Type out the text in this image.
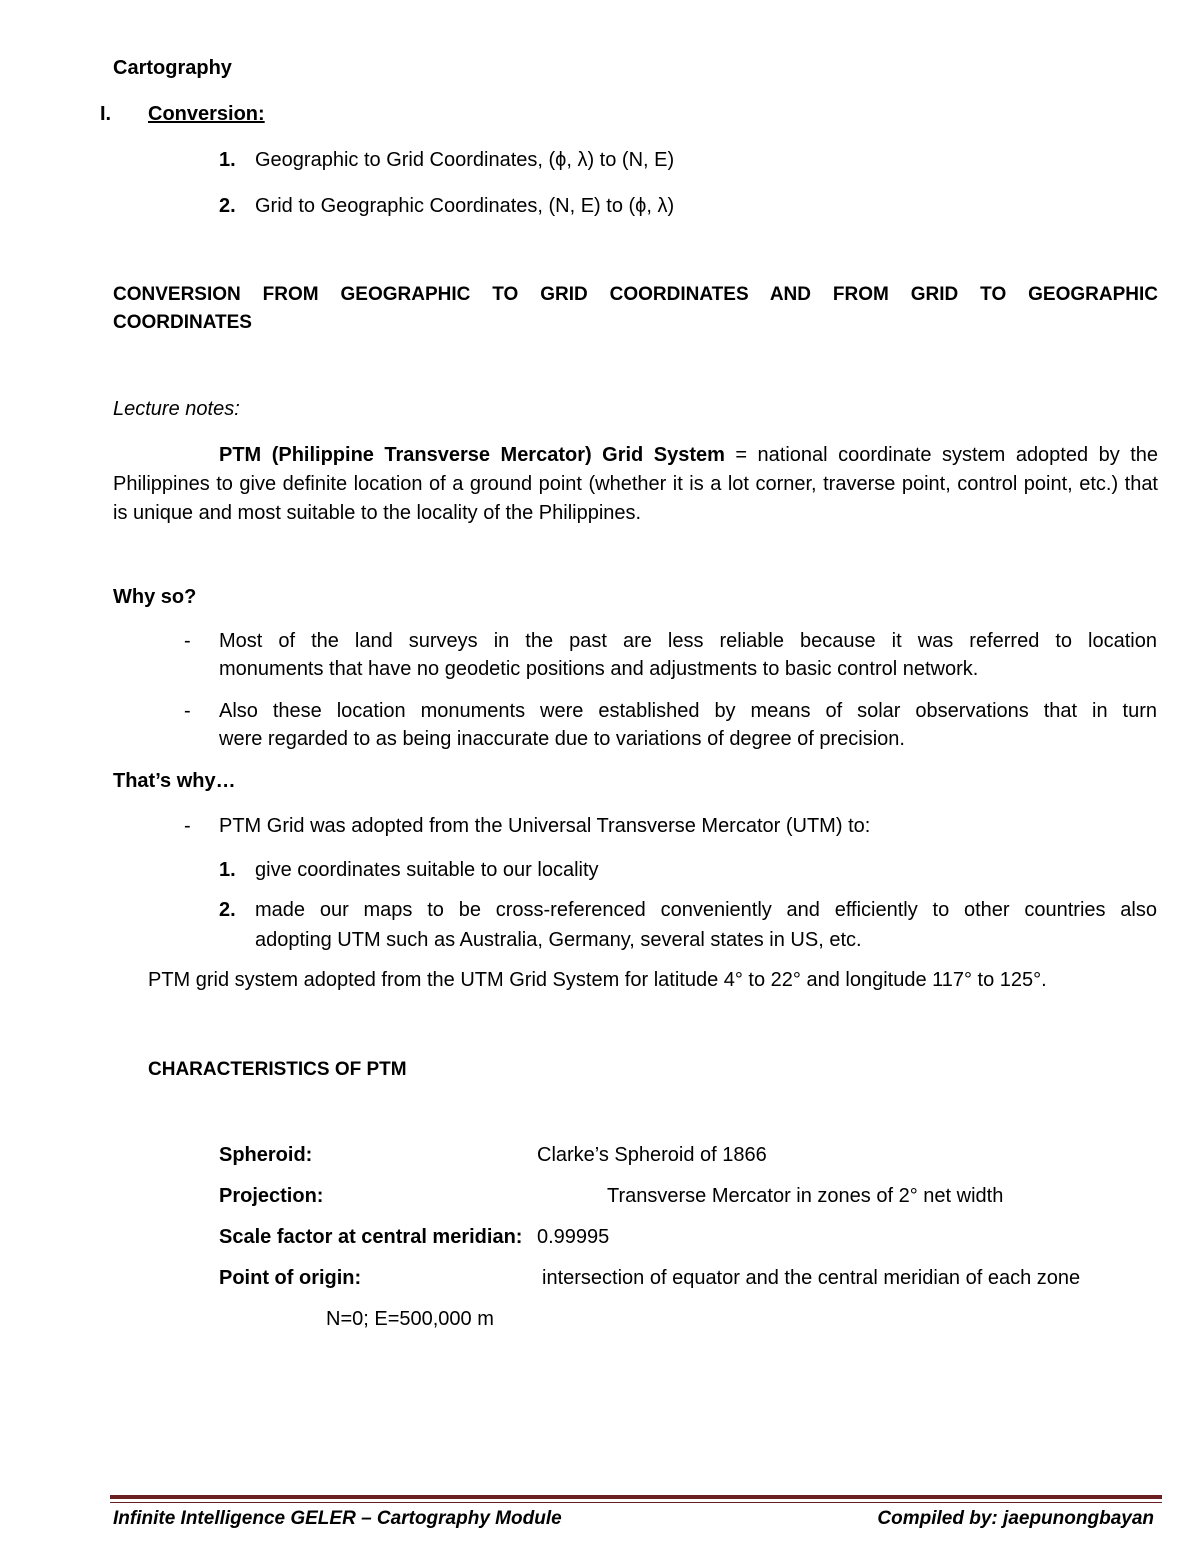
Cartography
I. Conversion:
1. Geographic to Grid Coordinates, (ϕ, λ) to (N, E)
2. Grid to Geographic Coordinates, (N, E) to (ϕ, λ)
CONVERSION FROM GEOGRAPHIC TO GRID COORDINATES AND FROM GRID TO GEOGRAPHIC
COORDINATES
Lecture notes:
PTM (Philippine Transverse Mercator) Grid System = national coordinate system adopted by the Philippines to give definite location of a ground point (whether it is a lot corner, traverse point, control point, etc.) that is unique and most suitable to the locality of the Philippines.
Why so?
- Most of the land surveys in the past are less reliable because it was referred to location
monuments that have no geodetic positions and adjustments to basic control network.
- Also these location monuments were established by means of solar observations that in turn
were regarded to as being inaccurate due to variations of degree of precision.
That’s why…
- PTM Grid was adopted from the Universal Transverse Mercator (UTM) to:
1. give coordinates suitable to our locality
2. made our maps to be cross-referenced conveniently and efficiently to other countries also
adopting UTM such as Australia, Germany, several states in US, etc.
PTM grid system adopted from the UTM Grid System for latitude 4° to 22° and longitude 117° to 125°.
CHARACTERISTICS OF PTM
Spheroid:	Clarke’s Spheroid of 1866
Projection:	Transverse Mercator in zones of 2° net width
Scale factor at central meridian: 0.99995
Point of origin:	intersection of equator and the central meridian of each zone
N=0; E=500,000 m
Infinite Intelligence GELER – Cartography Module	Compiled by: jaepunongbayan
